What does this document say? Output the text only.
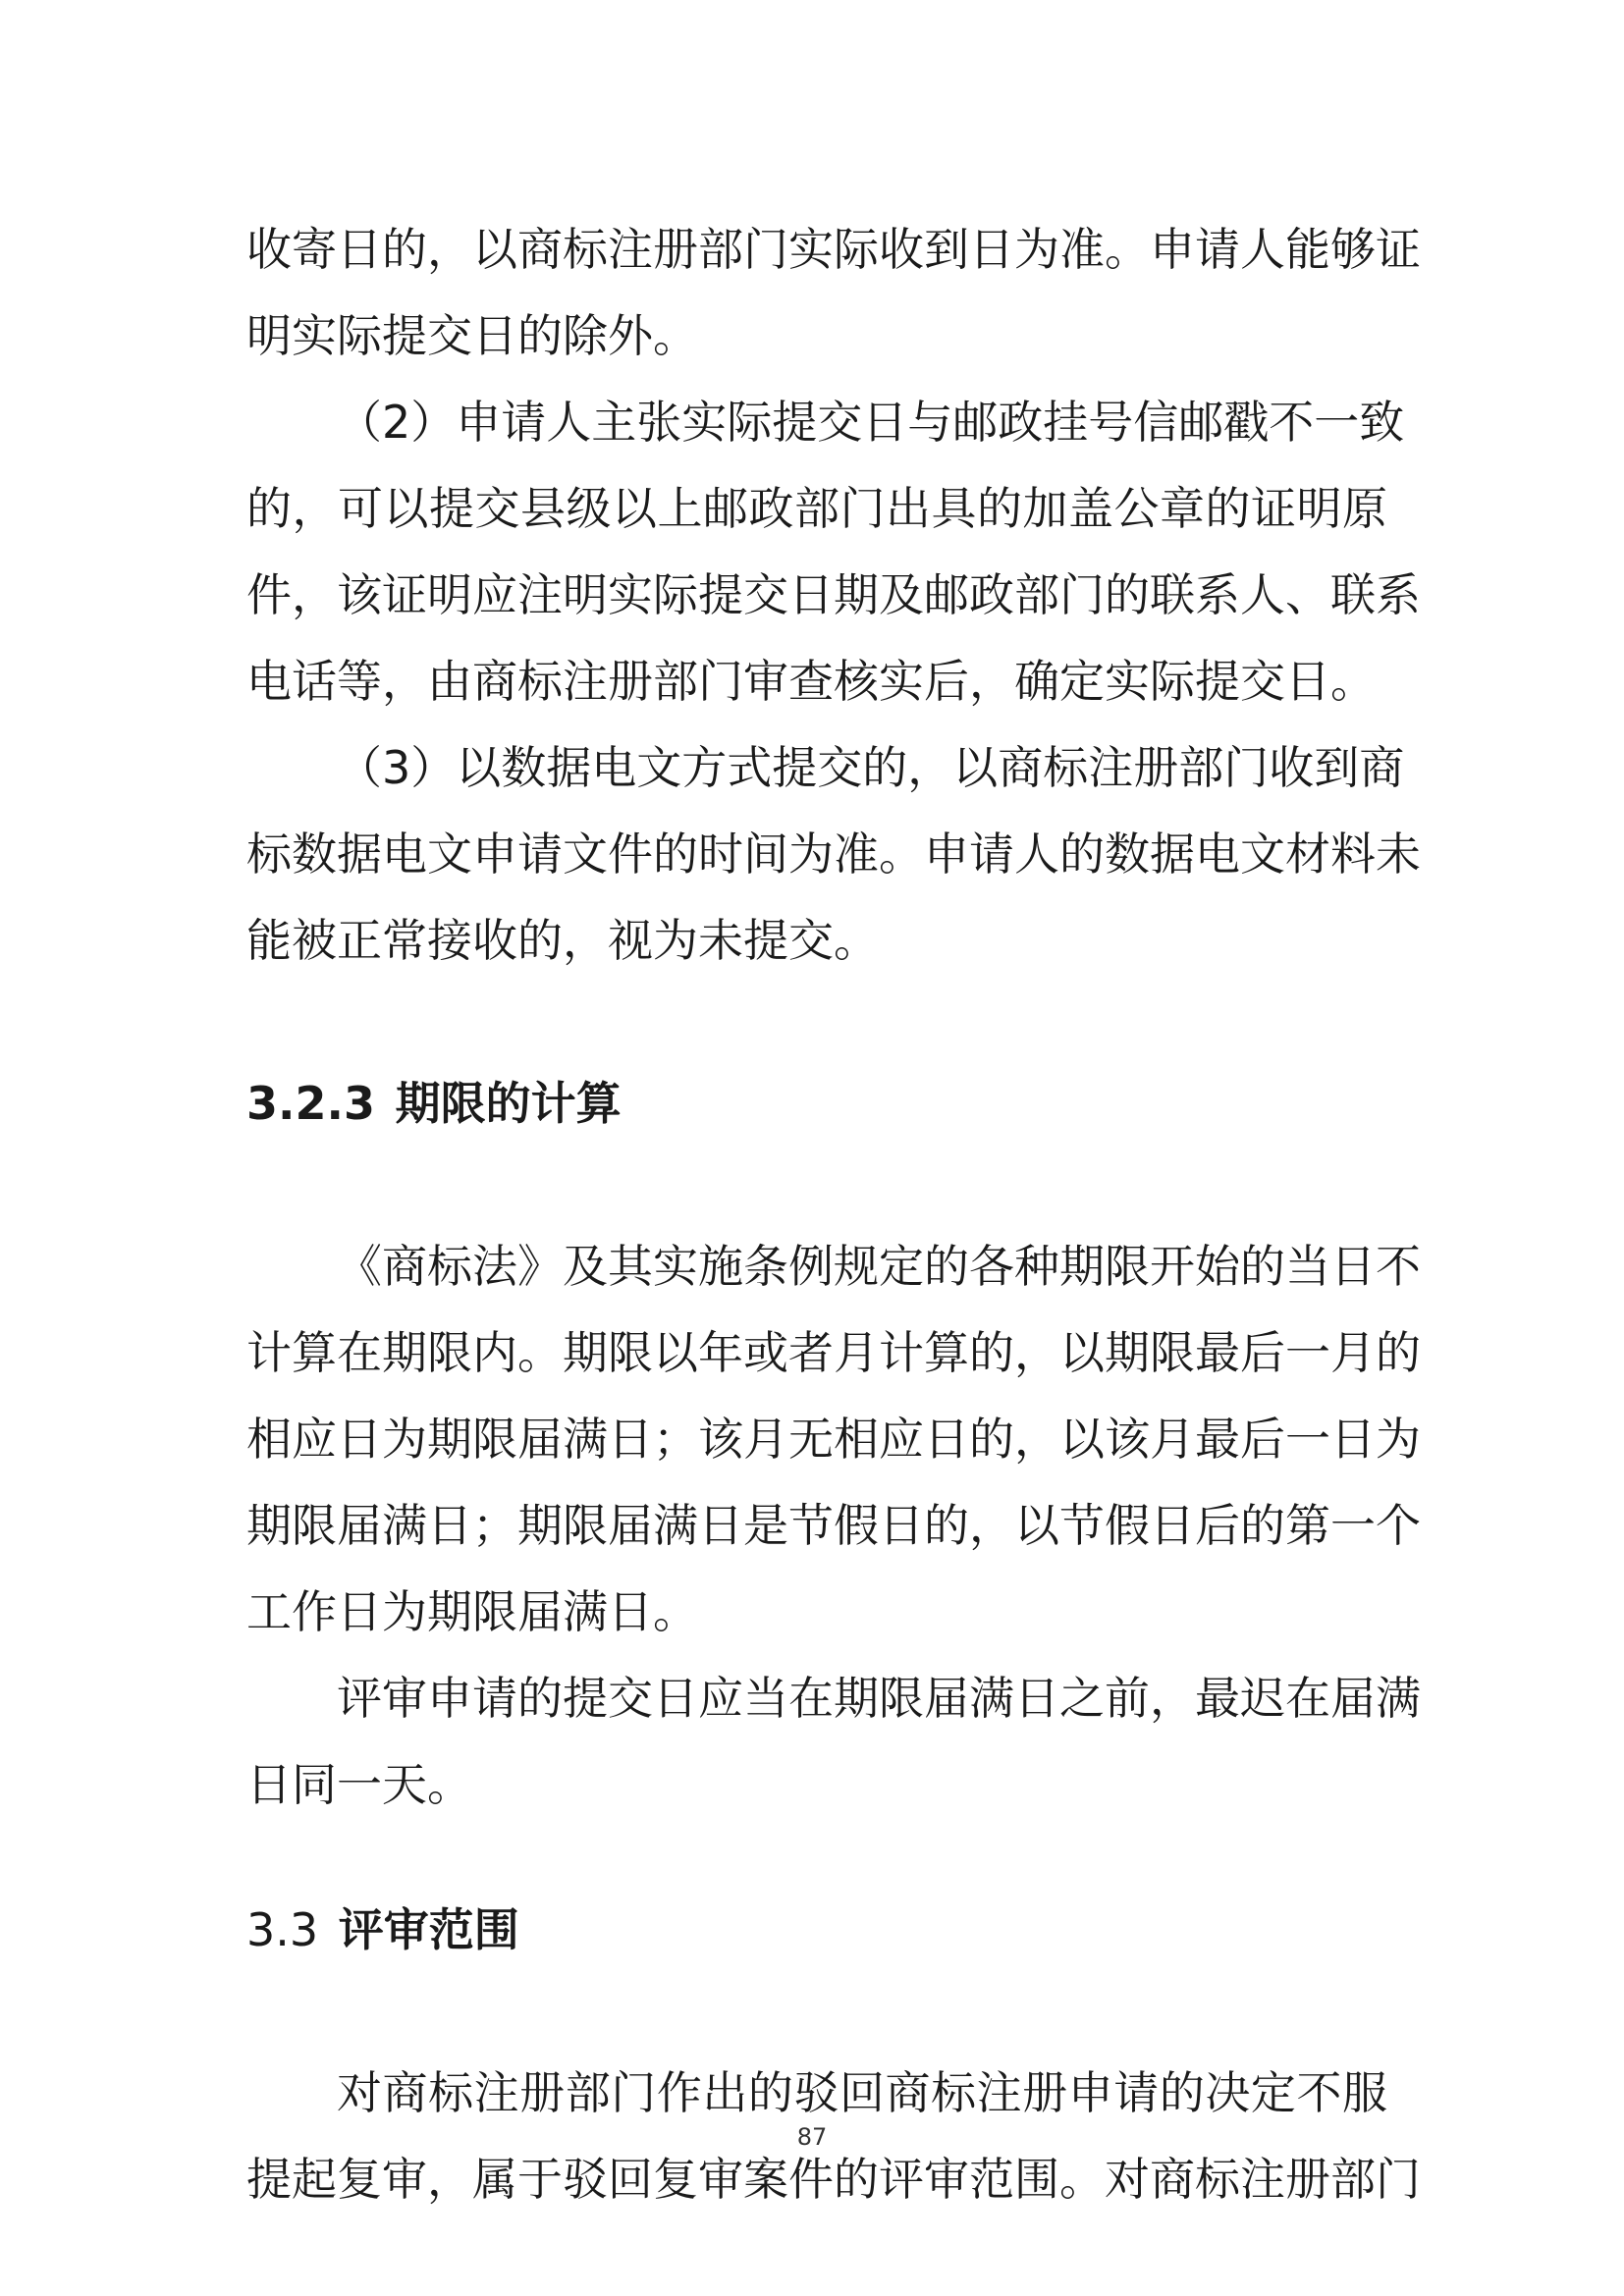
收寄日的，以商标注册部门实际收到日为准。申请人能够证
明实际提交日的除外。
（2）申请人主张实际提交日与邮政挂号信邮戳不一致
的，可以提交县级以上邮政部门出具的加盖公章的证明原
件，该证明应注明实际提交日期及邮政部门的联系人、联系
电话等，由商标注册部门审查核实后，确定实际提交日。
（3）以数据电文方式提交的，以商标注册部门收到商
标数据电文申请文件的时间为准。申请人的数据电文材料未
能被正常接收的，视为未提交。
3.2.3 期限的计算
《商标法》及其实施条例规定的各种期限开始的当日不
计算在期限内。期限以年或者月计算的，以期限最后一月的
相应日为期限届满日；该月无相应日的，以该月最后一日为
期限届满日；期限届满日是节假日的，以节假日后的第一个
工作日为期限届满日。
评审申请的提交日应当在期限届满日之前，最迟在届满
日同一天。
3.3 评审范围
对商标注册部门作出的驳回商标注册申请的决定不服
提起复审，属于驳回复审案件的评审范围。对商标注册部门
87
